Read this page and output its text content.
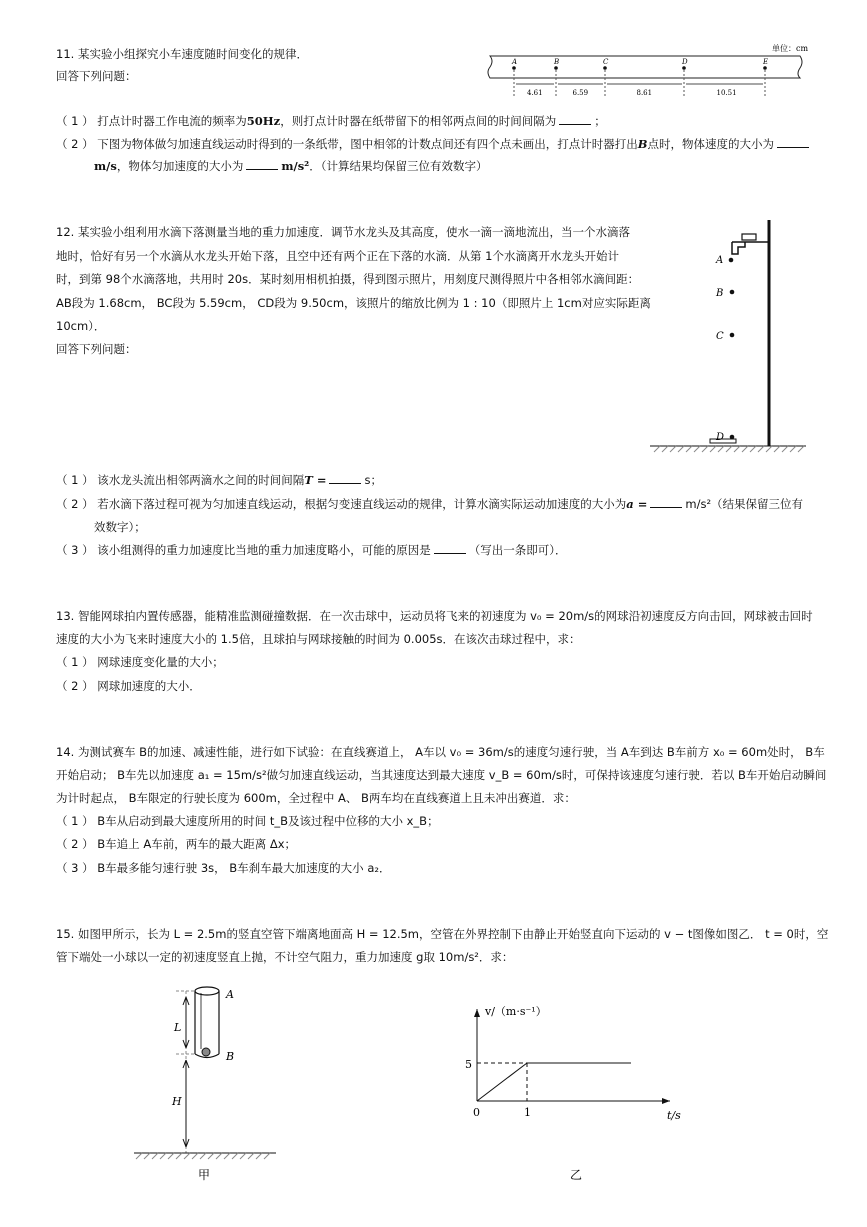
11. 某实验小组探究小车速度随时间变化的规律．
回答下列问题：
单位：cm
A	B	C	D	E
4.61	6.59	8.61	10.51
（ 1 ） 打点计时器工作电流的频率为50Hz，则打点计时器在纸带留下的相邻两点间的时间间隔为	；
（ 2 ） 下图为物体做匀加速直线运动时得到的一条纸带，图中相邻的计数点间还有四个点未画出，打点计时器打出B点时，物体速度的大小为
m/s，物体匀加速度的大小为	m/s²．（计算结果均保留三位有效数字）
12. 某实验小组利用水滴下落测量当地的重力加速度．调节水龙头及其高度，使水一滴一滴地流出，当一个水滴落
地时，恰好有另一个水滴从水龙头开始下落，且空中还有两个正在下落的水滴．从第 1个水滴离开水龙头开始计
时，到第 98个水滴落地，共用时 20s．某时刻用相机拍摄，得到图示照片，用刻度尺测得照片中各相邻水滴间距：
AB段为 1.68cm， BC段为 5.59cm， CD段为 9.50cm，该照片的缩放比例为 1 : 10（即照片上 1cm对应实际距离
10cm）．
回答下列问题：
A
B
C
D
（ 1 ） 该水龙头流出相邻两滴水之间的时间间隔T =	s；
（ 2 ） 若水滴下落过程可视为匀加速直线运动，根据匀变速直线运动的规律，计算水滴实际运动加速度的大小为a =	m/s²（结果保留三位有
效数字）；
（ 3 ） 该小组测得的重力加速度比当地的重力加速度略小，可能的原因是	（写出一条即可）．
13. 智能网球拍内置传感器，能精准监测碰撞数据．在一次击球中，运动员将飞来的初速度为 v₀ = 20m/s的网球沿初速度反方向击回，网球被击回时
速度的大小为飞来时速度大小的 1.5倍，且球拍与网球接触的时间为 0.005s．在该次击球过程中，求：
（ 1 ） 网球速度变化量的大小；
（ 2 ） 网球加速度的大小．
14. 为测试赛车 B的加速、减速性能，进行如下试验：在直线赛道上， A车以 v₀ = 36m/s的速度匀速行驶，当 A车到达 B车前方 x₀ = 60m处时， B车
开始启动； B车先以加速度 a₁ = 15m/s²做匀加速直线运动，当其速度达到最大速度 v_B = 60m/s时，可保持该速度匀速行驶．若以 B车开始启动瞬间
为计时起点， B车限定的行驶长度为 600m，全过程中 A、 B两车均在直线赛道上且未冲出赛道．求：
（ 1 ） B车从启动到最大速度所用的时间 t_B及该过程中位移的大小 x_B；
（ 2 ） B车追上 A车前，两车的最大距离 Δx；
（ 3 ） B车最多能匀速行驶 3s， B车刹车最大加速度的大小 a₂．
15. 如图甲所示，长为 L = 2.5m的竖直空管下端离地面高 H = 12.5m，空管在外界控制下由静止开始竖直向下运动的 v − t图像如图乙． t = 0时，空
管下端处一小球以一定的初速度竖直上抛，不计空气阻力，重力加速度 g取 10m/s²．求：
A
B
L
H
甲
v/（m·s⁻¹）
t/s
5
0	1
乙
